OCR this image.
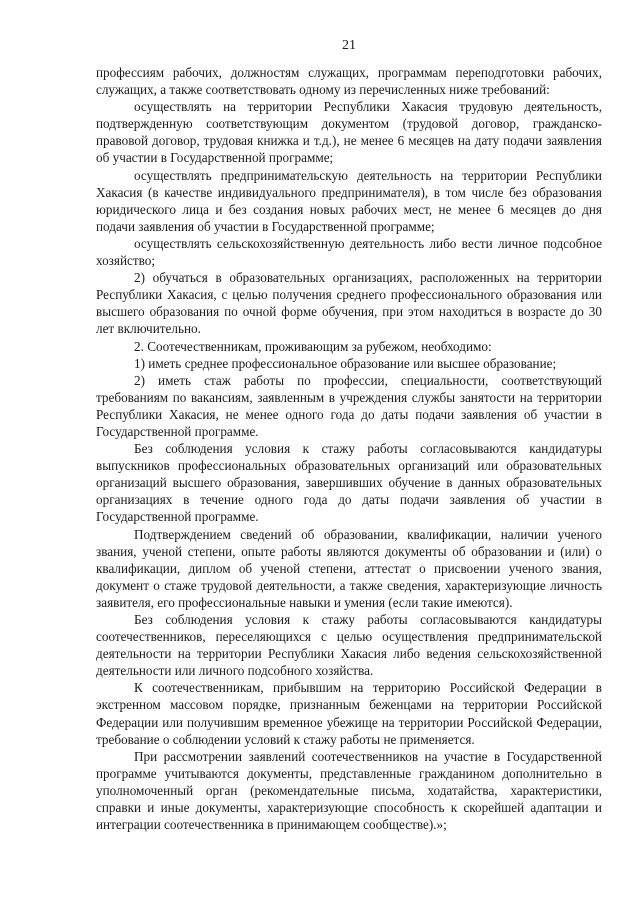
21

профессиям рабочих, должностям служащих, программам переподготовки рабочих, служащих, а также соответствовать одному из перечисленных ниже требований:

осуществлять на территории Республики Хакасия трудовую деятельность, подтвержденную соответствующим документом (трудовой договор, гражданско-правовой договор, трудовая книжка и т.д.), не менее 6 месяцев на дату подачи заявления об участии в Государственной программе;

осуществлять предпринимательскую деятельность на территории Республики Хакасия (в качестве индивидуального предпринимателя), в том числе без образования юридического лица и без создания новых рабочих мест, не менее 6 месяцев до дня подачи заявления об участии в Государственной программе;

осуществлять сельскохозяйственную деятельность либо вести личное подсобное хозяйство;

2) обучаться в образовательных организациях, расположенных на территории Республики Хакасия, с целью получения среднего профессионального образования или высшего образования по очной форме обучения, при этом находиться в возрасте до 30 лет включительно.

2. Соотечественникам, проживающим за рубежом, необходимо:

1) иметь среднее профессиональное образование или высшее образование;

2) иметь стаж работы по профессии, специальности, соответствующий требованиям по вакансиям, заявленным в учреждения службы занятости на территории Республики Хакасия, не менее одного года до даты подачи заявления об участии в Государственной программе.

Без соблюдения условия к стажу работы согласовываются кандидатуры выпускников профессиональных образовательных организаций или образовательных организаций высшего образования, завершивших обучение в данных образовательных организациях в течение одного года до даты подачи заявления об участии в Государственной программе.

Подтверждением сведений об образовании, квалификации, наличии ученого звания, ученой степени, опыте работы являются документы об образовании и (или) о квалификации, диплом об ученой степени, аттестат о присвоении ученого звания, документ о стаже трудовой деятельности, а также сведения, характеризующие личность заявителя, его профессиональные навыки и умения (если такие имеются).

Без соблюдения условия к стажу работы согласовываются кандидатуры соотечественников, переселяющихся с целью осуществления предпринимательской деятельности на территории Республики Хакасия либо ведения сельскохозяйственной деятельности или личного подсобного хозяйства.

К соотечественникам, прибывшим на территорию Российской Федерации в экстренном массовом порядке, признанным беженцами на территории Российской Федерации или получившим временное убежище на территории Российской Федерации, требование о соблюдении условий к стажу работы не применяется.

При рассмотрении заявлений соотечественников на участие в Государственной программе учитываются документы, представленные гражданином дополнительно в уполномоченный орган (рекомендательные письма, ходатайства, характеристики, справки и иные документы, характеризующие способность к скорейшей адаптации и интеграции соотечественника в принимающем сообществе).»;
